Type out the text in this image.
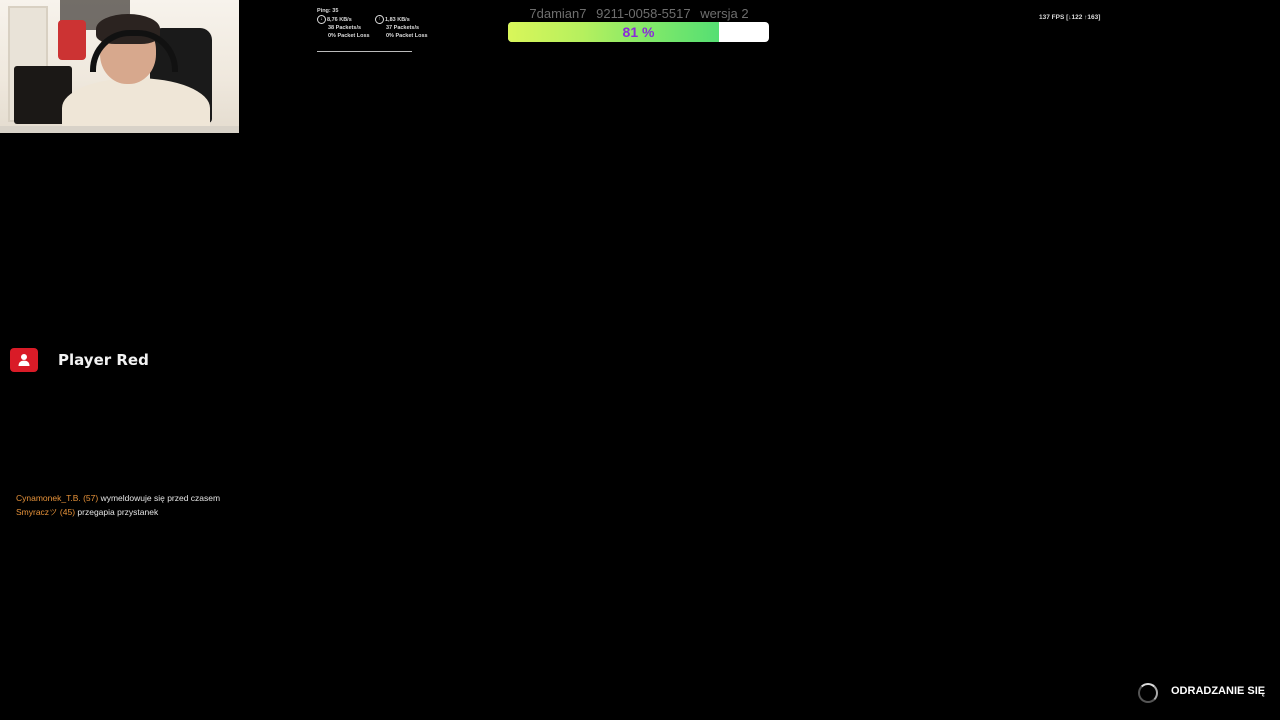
Ping: 35
↓ 8,76 KB/s
38 Packets/s
0% Packet Loss
↑ 1,83 KB/s
37 Packets/s
0% Packet Loss
7damian7 9211-0058-5517 wersja 2
81 %
137 FPS [↓122 ↑163]
Player Red
Cynamonek_T.B. (57) wymeldowuje się przed czasem
Smyraczツ (45) przegapia przystanek
ODRADZANIE SIĘ
